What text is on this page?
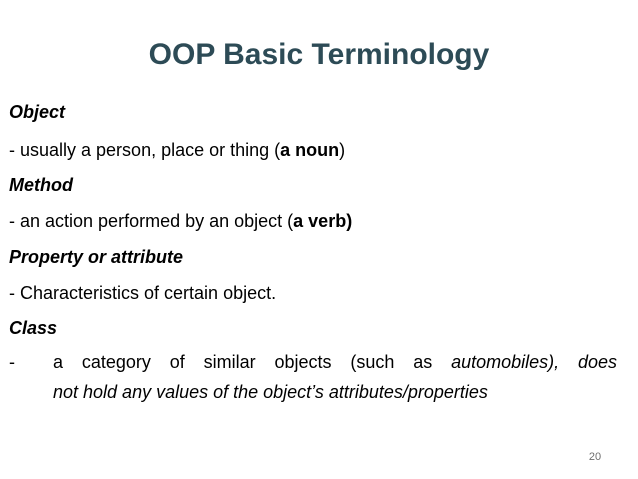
OOP Basic Terminology
Object
- usually a person, place or thing (a noun)
Method
- an action performed by an object (a verb)
Property or attribute
- Characteristics of certain object.
Class
- a category of similar objects (such as automobiles), does
not hold any values of the object’s attributes/properties
20
